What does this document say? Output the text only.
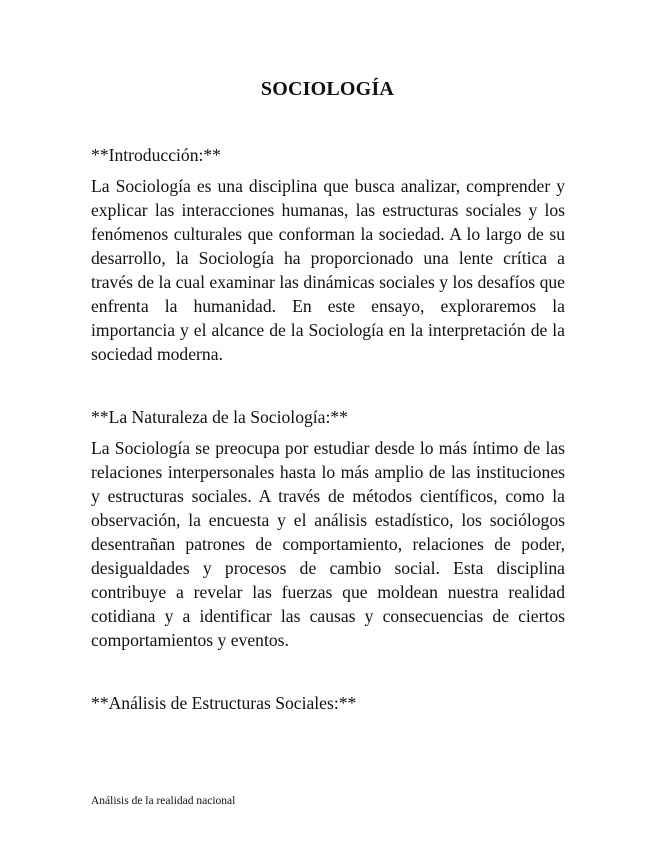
SOCIOLOGÍA
**Introducción:**

La Sociología es una disciplina que busca analizar, comprender y explicar las interacciones humanas, las estructuras sociales y los fenómenos culturales que conforman la sociedad. A lo largo de su desarrollo, la Sociología ha proporcionado una lente crítica a través de la cual examinar las dinámicas sociales y los desafíos que enfrenta la humanidad. En este ensayo, exploraremos la importancia y el alcance de la Sociología en la interpretación de la sociedad moderna.

**La Naturaleza de la Sociología:**

La Sociología se preocupa por estudiar desde lo más íntimo de las relaciones interpersonales hasta lo más amplio de las instituciones y estructuras sociales. A través de métodos científicos, como la observación, la encuesta y el análisis estadístico, los sociólogos desentrañan patrones de comportamiento, relaciones de poder, desigualdades y procesos de cambio social. Esta disciplina contribuye a revelar las fuerzas que moldean nuestra realidad cotidiana y a identificar las causas y consecuencias de ciertos comportamientos y eventos.

**Análisis de Estructuras Sociales:**
Análisis de la realidad nacional
